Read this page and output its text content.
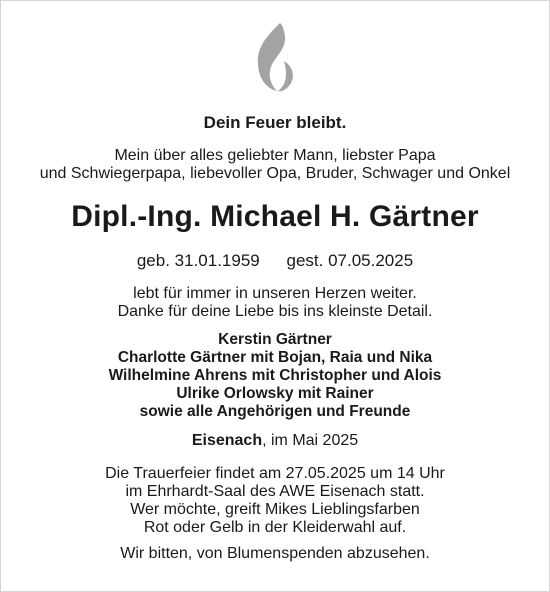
Dein Feuer bleibt.
Mein über alles geliebter Mann, liebster Papa
und Schwiegerpapa, liebevoller Opa, Bruder, Schwager und Onkel
Dipl.-Ing. Michael H. Gärtner
geb. 31.01.1959 gest. 07.05.2025
lebt für immer in unseren Herzen weiter.
Danke für deine Liebe bis ins kleinste Detail.
Kerstin Gärtner
Charlotte Gärtner mit Bojan, Raia und Nika
Wilhelmine Ahrens mit Christopher und Alois
Ulrike Orlowsky mit Rainer
sowie alle Angehörigen und Freunde
Eisenach, im Mai 2025
Die Trauerfeier findet am 27.05.2025 um 14 Uhr
im Ehrhardt-Saal des AWE Eisenach statt.
Wer möchte, greift Mikes Lieblingsfarben
Rot oder Gelb in der Kleiderwahl auf.
Wir bitten, von Blumenspenden abzusehen.
